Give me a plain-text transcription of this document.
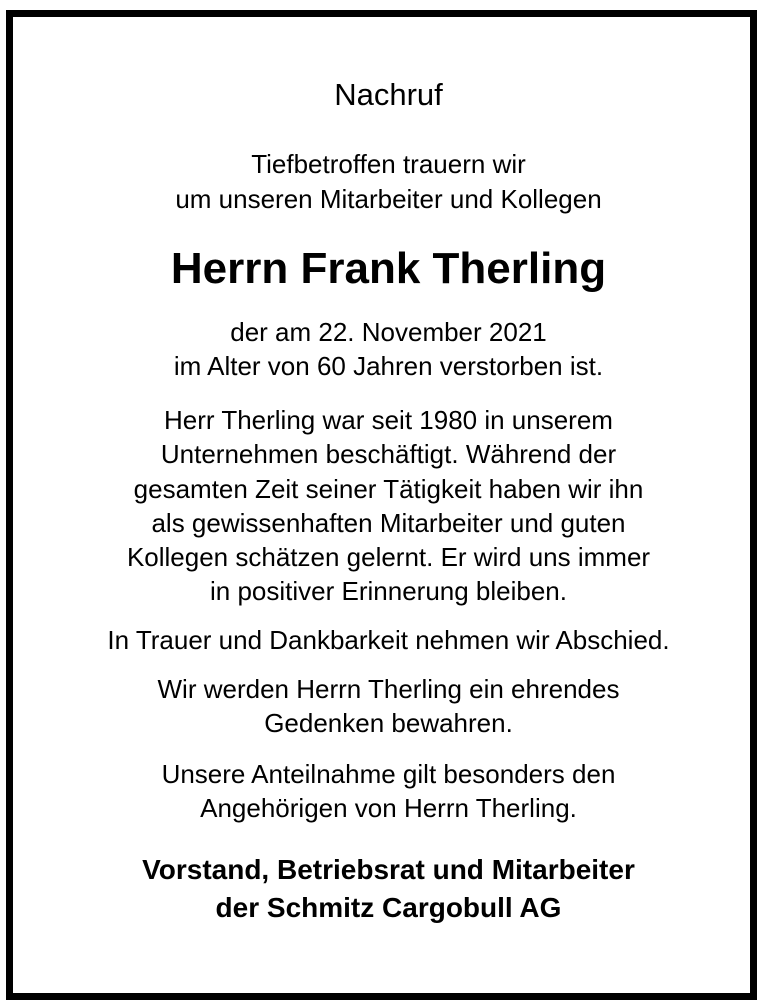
Nachruf
Tiefbetroffen trauern wir
um unseren Mitarbeiter und Kollegen
Herrn Frank Therling
der am 22. November 2021
im Alter von 60 Jahren verstorben ist.
Herr Therling war seit 1980 in unserem
Unternehmen beschäftigt. Während der
gesamten Zeit seiner Tätigkeit haben wir ihn
als gewissenhaften Mitarbeiter und guten
Kollegen schätzen gelernt. Er wird uns immer
in positiver Erinnerung bleiben.
In Trauer und Dankbarkeit nehmen wir Abschied.
Wir werden Herrn Therling ein ehrendes
Gedenken bewahren.
Unsere Anteilnahme gilt besonders den
Angehörigen von Herrn Therling.
Vorstand, Betriebsrat und Mitarbeiter
der Schmitz Cargobull AG
